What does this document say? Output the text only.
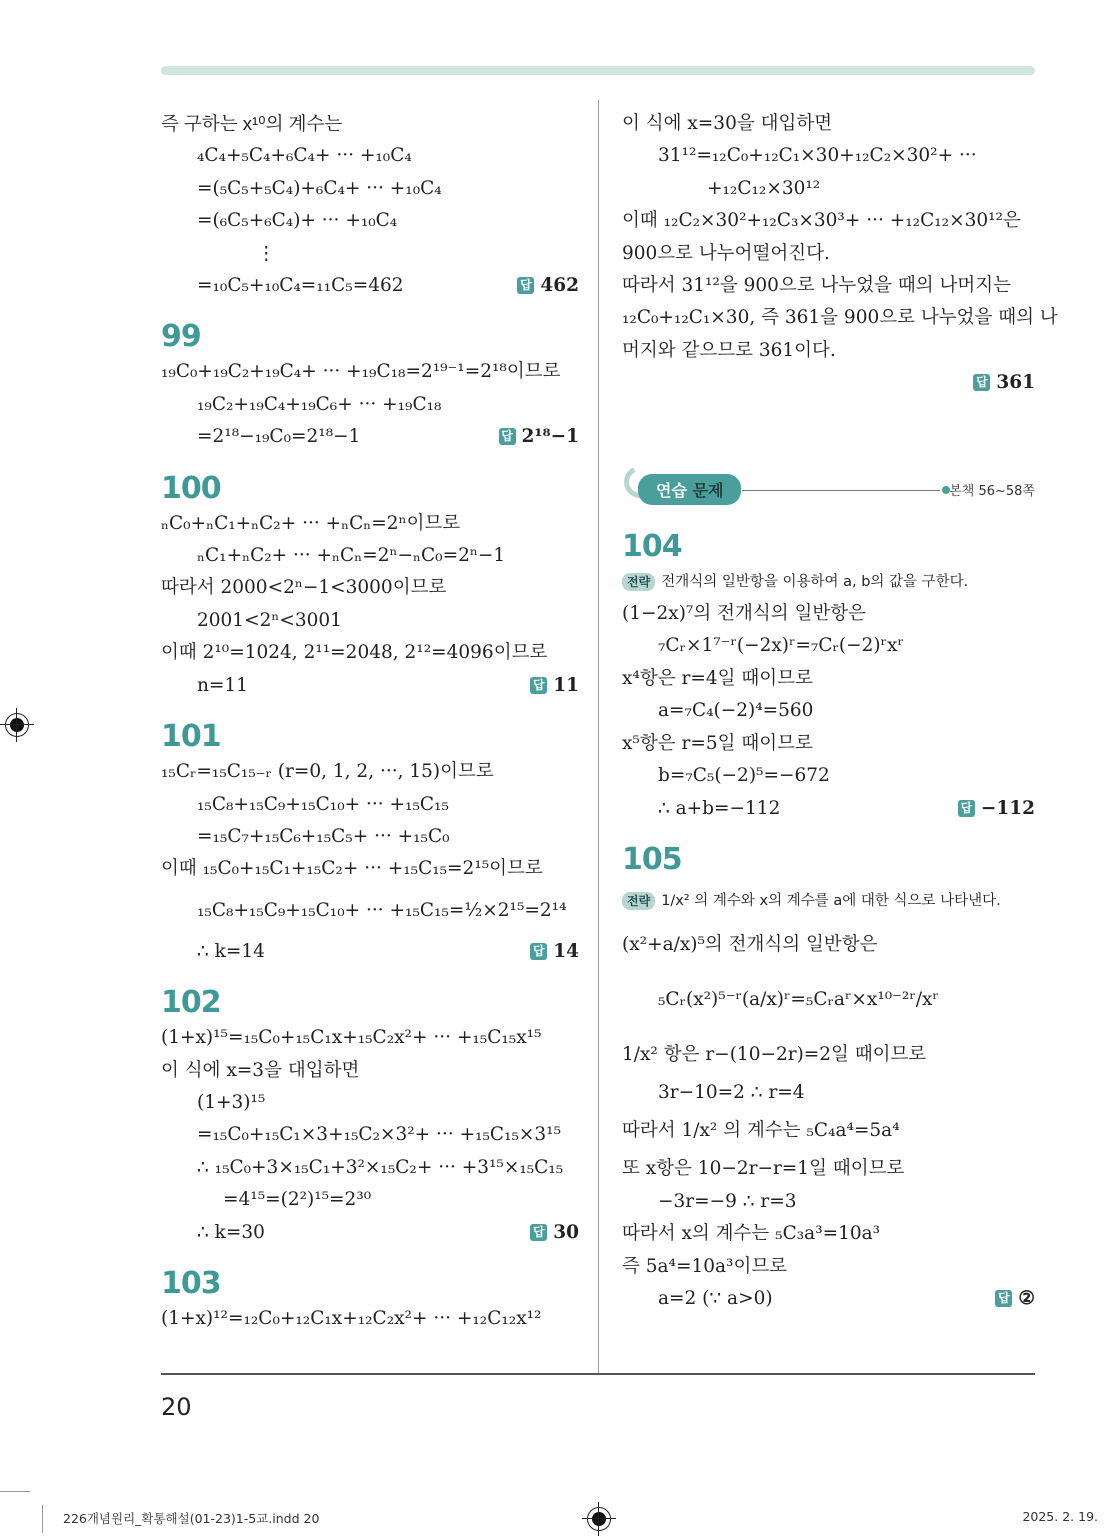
즉 구하는 x¹⁰의 계수는
₄C₄+₅C₄+₆C₄+ ··· +₁₀C₄
=(₅C₅+₅C₄)+₆C₄+ ··· +₁₀C₄
=(₆C₅+₆C₄)+ ··· +₁₀C₄
⋮
=₁₀C₅+₁₀C₄=₁₁C₅=462	답 462
99
₁₉C₀+₁₉C₂+₁₉C₄+ ··· +₁₉C₁₈=2¹⁹⁻¹=2¹⁸이므로
₁₉C₂+₁₉C₄+₁₉C₆+ ··· +₁₉C₁₈
=2¹⁸−₁₉C₀=2¹⁸−1	답 2¹⁸−1
100
ₙC₀+ₙC₁+ₙC₂+ ··· +ₙCₙ=2ⁿ이므로
ₙC₁+ₙC₂+ ··· +ₙCₙ=2ⁿ−ₙC₀=2ⁿ−1
따라서 2000<2ⁿ−1<3000이므로
2001<2ⁿ<3001
이때 2¹⁰=1024, 2¹¹=2048, 2¹²=4096이므로
n=11	답 11
101
₁₅Cᵣ=₁₅C₁₅₋ᵣ (r=0, 1, 2, ···, 15)이므로
₁₅C₈+₁₅C₉+₁₅C₁₀+ ··· +₁₅C₁₅
=₁₅C₇+₁₅C₆+₁₅C₅+ ··· +₁₅C₀
이때 ₁₅C₀+₁₅C₁+₁₅C₂+ ··· +₁₅C₁₅=2¹⁵이므로
₁₅C₈+₁₅C₉+₁₅C₁₀+ ··· +₁₅C₁₅=½×2¹⁵=2¹⁴
∴ k=14	답 14
102
(1+x)¹⁵=₁₅C₀+₁₅C₁x+₁₅C₂x²+ ··· +₁₅C₁₅x¹⁵
이 식에 x=3을 대입하면
(1+3)¹⁵
=₁₅C₀+₁₅C₁×3+₁₅C₂×3²+ ··· +₁₅C₁₅×3¹⁵
∴ ₁₅C₀+3×₁₅C₁+3²×₁₅C₂+ ··· +3¹⁵×₁₅C₁₅
=4¹⁵=(2²)¹⁵=2³⁰
∴ k=30	답 30
103
(1+x)¹²=₁₂C₀+₁₂C₁x+₁₂C₂x²+ ··· +₁₂C₁₂x¹²
이 식에 x=30을 대입하면
31¹²=₁₂C₀+₁₂C₁×30+₁₂C₂×30²+ ···
+₁₂C₁₂×30¹²
이때 ₁₂C₂×30²+₁₂C₃×30³+ ··· +₁₂C₁₂×30¹²은
900으로 나누어떨어진다.
따라서 31¹²을 900으로 나누었을 때의 나머지는
₁₂C₀+₁₂C₁×30, 즉 361을 900으로 나누었을 때의 나
머지와 같으므로 361이다.
답 361

연습 문제	본책 56~58쪽
104
전략 전개식의 일반항을 이용하여 a, b의 값을 구한다.
(1−2x)⁷의 전개식의 일반항은
₇Cᵣ×1⁷⁻ʳ(−2x)ʳ=₇Cᵣ(−2)ʳxʳ
x⁴항은 r=4일 때이므로
a=₇C₄(−2)⁴=560
x⁵항은 r=5일 때이므로
b=₇C₅(−2)⁵=−672
∴ a+b=−112	답 −112
105
전략 1/x² 의 계수와 x의 계수를 a에 대한 식으로 나타낸다.
(x²+a/x)⁵의 전개식의 일반항은
₅Cᵣ(x²)⁵⁻ʳ(a/x)ʳ=₅Cᵣaʳ×x¹⁰⁻²ʳ/xʳ
1/x² 항은 r−(10−2r)=2일 때이므로
3r−10=2 ∴ r=4
따라서 1/x² 의 계수는 ₅C₄a⁴=5a⁴
또 x항은 10−2r−r=1일 때이므로
−3r=−9 ∴ r=3
따라서 x의 계수는 ₅C₃a³=10a³
즉 5a⁴=10a³이므로
a=2 (∵ a>0)	답 ②
20
226개념원리_확통해설(01-23)1-5교.indd 20	2025. 2. 19.
